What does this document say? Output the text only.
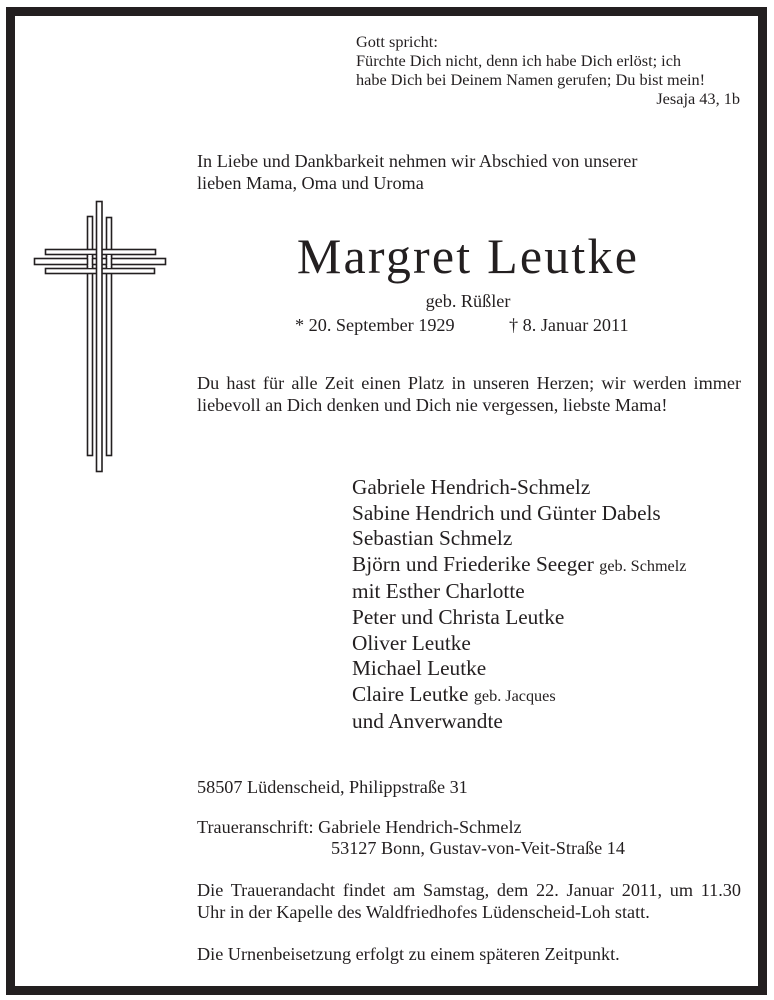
Gott spricht:
Fürchte Dich nicht, denn ich habe Dich erlöst; ich
habe Dich bei Deinem Namen gerufen; Du bist mein!
Jesaja 43, 1b
In Liebe und Dankbarkeit nehmen wir Abschied von unserer
lieben Mama, Oma und Uroma
Margret Leutke
geb. Rüßler
* 20. September 1929	† 8. Januar 2011
Du hast für alle Zeit einen Platz in unseren Herzen; wir werden immer liebevoll an Dich denken und Dich nie vergessen, liebste Mama!
Gabriele Hendrich-Schmelz
Sabine Hendrich und Günter Dabels
Sebastian Schmelz
Björn und Friederike Seeger geb. Schmelz
mit Esther Charlotte
Peter und Christa Leutke
Oliver Leutke
Michael Leutke
Claire Leutke geb. Jacques
und Anverwandte
58507 Lüdenscheid, Philippstraße 31
Traueranschrift: Gabriele Hendrich-Schmelz
53127 Bonn, Gustav-von-Veit-Straße 14
Die Trauerandacht findet am Samstag, dem 22. Januar 2011, um 11.30
Uhr in der Kapelle des Waldfriedhofes Lüdenscheid-Loh statt.
Die Urnenbeisetzung erfolgt zu einem späteren Zeitpunkt.
